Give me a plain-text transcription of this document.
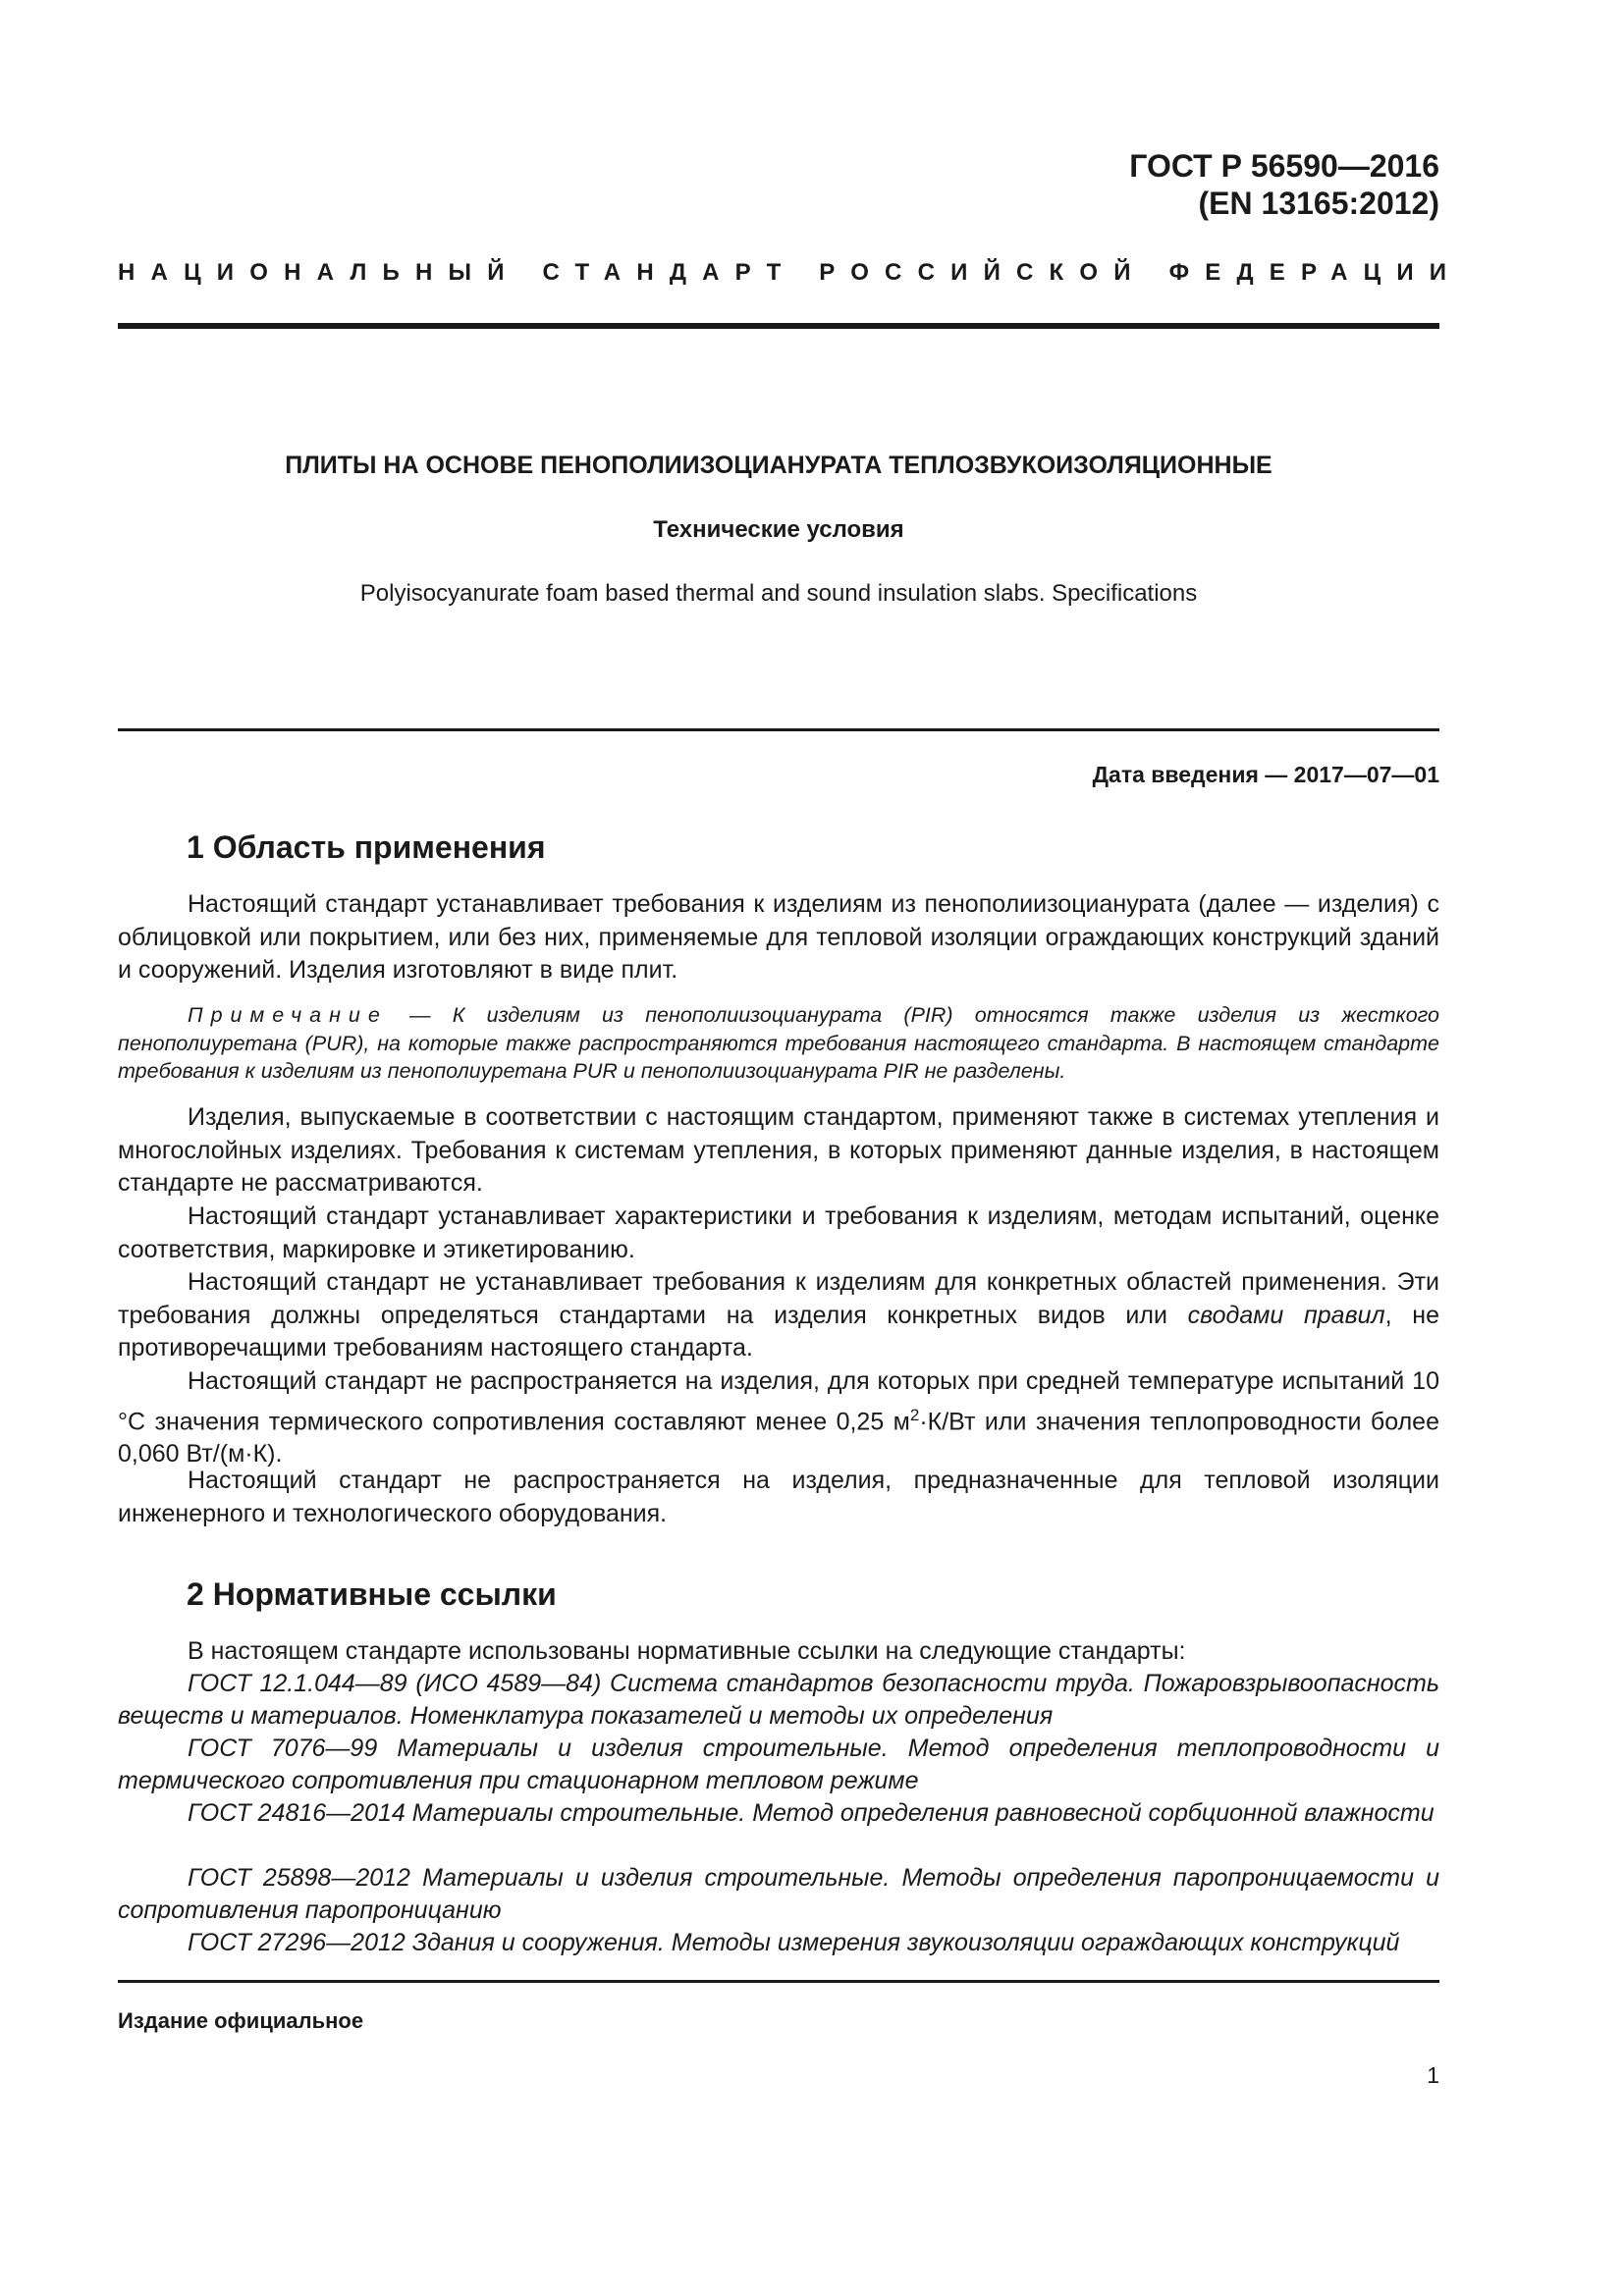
ГОСТ Р 56590—2016
(EN 13165:2012)
НАЦИОНАЛЬНЫЙ СТАНДАРТ РОССИЙСКОЙ ФЕДЕРАЦИИ
ПЛИТЫ НА ОСНОВЕ ПЕНОПОЛИИЗОЦИАНУРАТА ТЕПЛОЗВУКОИЗОЛЯЦИОННЫЕ
Технические условия
Polyisocyanurate foam based thermal and sound insulation slabs. Specifications
Дата введения — 2017—07—01
1 Область применения

Настоящий стандарт устанавливает требования к изделиям из пенополиизоцианурата (далее — изделия) с облицовкой или покрытием, или без них, применяемые для тепловой изоляции ограждающих конструкций зданий и сооружений. Изделия изготовляют в виде плит.

Примечание — К изделиям из пенополиизоцианурата (PIR) относятся также изделия из жесткого пенополиуретана (PUR), на которые также распространяются требования настоящего стандарта. В настоящем стандарте требования к изделиям из пенополиуретана PUR и пенополиизоцианурата PIR не разделены.

Изделия, выпускаемые в соответствии с настоящим стандартом, применяют также в системах утепления и многослойных изделиях. Требования к системам утепления, в которых применяют данные изделия, в настоящем стандарте не рассматриваются.

Настоящий стандарт устанавливает характеристики и требования к изделиям, методам испытаний, оценке соответствия, маркировке и этикетированию.

Настоящий стандарт не устанавливает требования к изделиям для конкретных областей применения. Эти требования должны определяться стандартами на изделия конкретных видов или сводами правил, не противоречащими требованиям настоящего стандарта.

Настоящий стандарт не распространяется на изделия, для которых при средней температуре испытаний 10 °С значения термического сопротивления составляют менее 0,25 $м^2\cdot К/Вт$ или значения теплопроводности более 0,060 Вт/(м·К).

Настоящий стандарт не распространяется на изделия, предназначенные для тепловой изоляции инженерного и технологического оборудования.

2 Нормативные ссылки

В настоящем стандарте использованы нормативные ссылки на следующие стандарты:

ГОСТ 12.1.044—89 (ИСО 4589—84) Система стандартов безопасности труда. Пожаровзрывоопасность веществ и материалов. Номенклатура показателей и методы их определения

ГОСТ 7076—99 Материалы и изделия строительные. Метод определения теплопроводности и термического сопротивления при стационарном тепловом режиме

ГОСТ 24816—2014 Материалы строительные. Метод определения равновесной сорбционной влажности

ГОСТ 25898—2012 Материалы и изделия строительные. Методы определения паропроницаемости и сопротивления паропроницанию

ГОСТ 27296—2012 Здания и сооружения. Методы измерения звукоизоляции ограждающих конструкций

Издание официальное
1
